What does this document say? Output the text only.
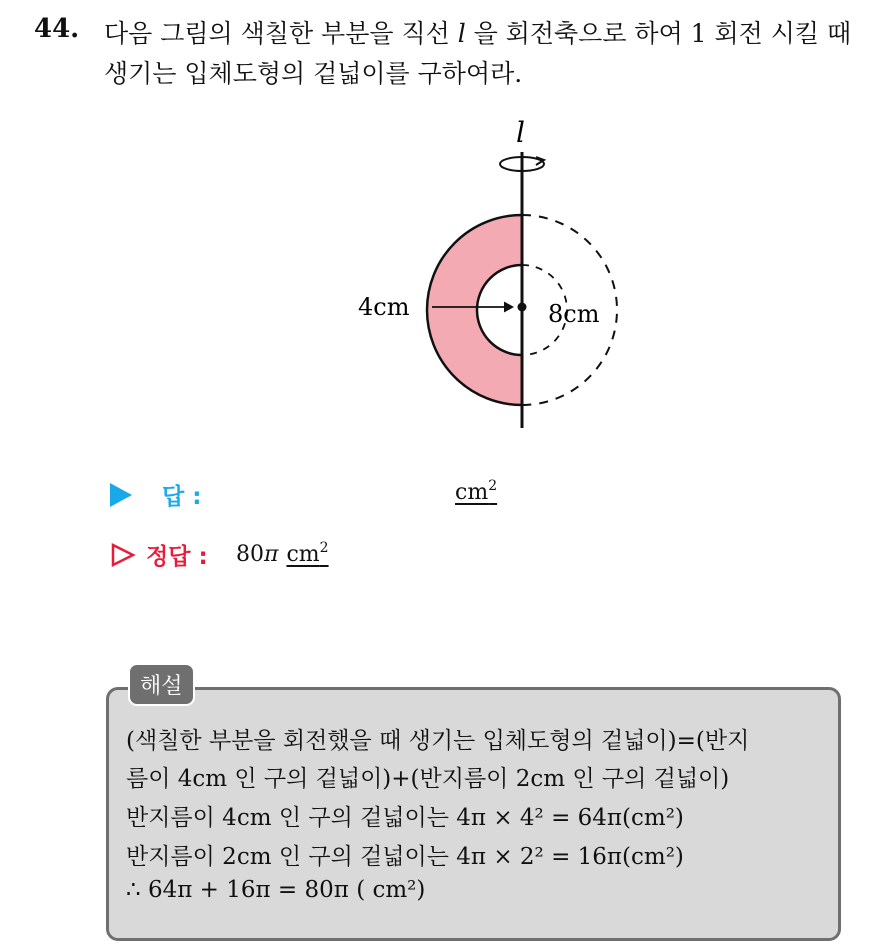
44. 다음 그림의 색칠한 부분을 직선 l 을 회전축으로 하여 1 회전 시킬 때
생기는 입체도형의 겉넓이를 구하여라.
l
4cm	8cm
답 :	$cm^2$
정답 : 80π $cm^2$
해설
(색칠한 부분을 회전했을 때 생기는 입체도형의 겉넓이)=(반지
름이 4cm 인 구의 겉넓이)+(반지름이 2cm 인 구의 겉넓이)
반지름이 4cm 인 구의 겉넓이는 4π × 4² = 64π(cm²)
반지름이 2cm 인 구의 겉넓이는 4π × 2² = 16π(cm²)
∴ 64π + 16π = 80π ( cm²)
